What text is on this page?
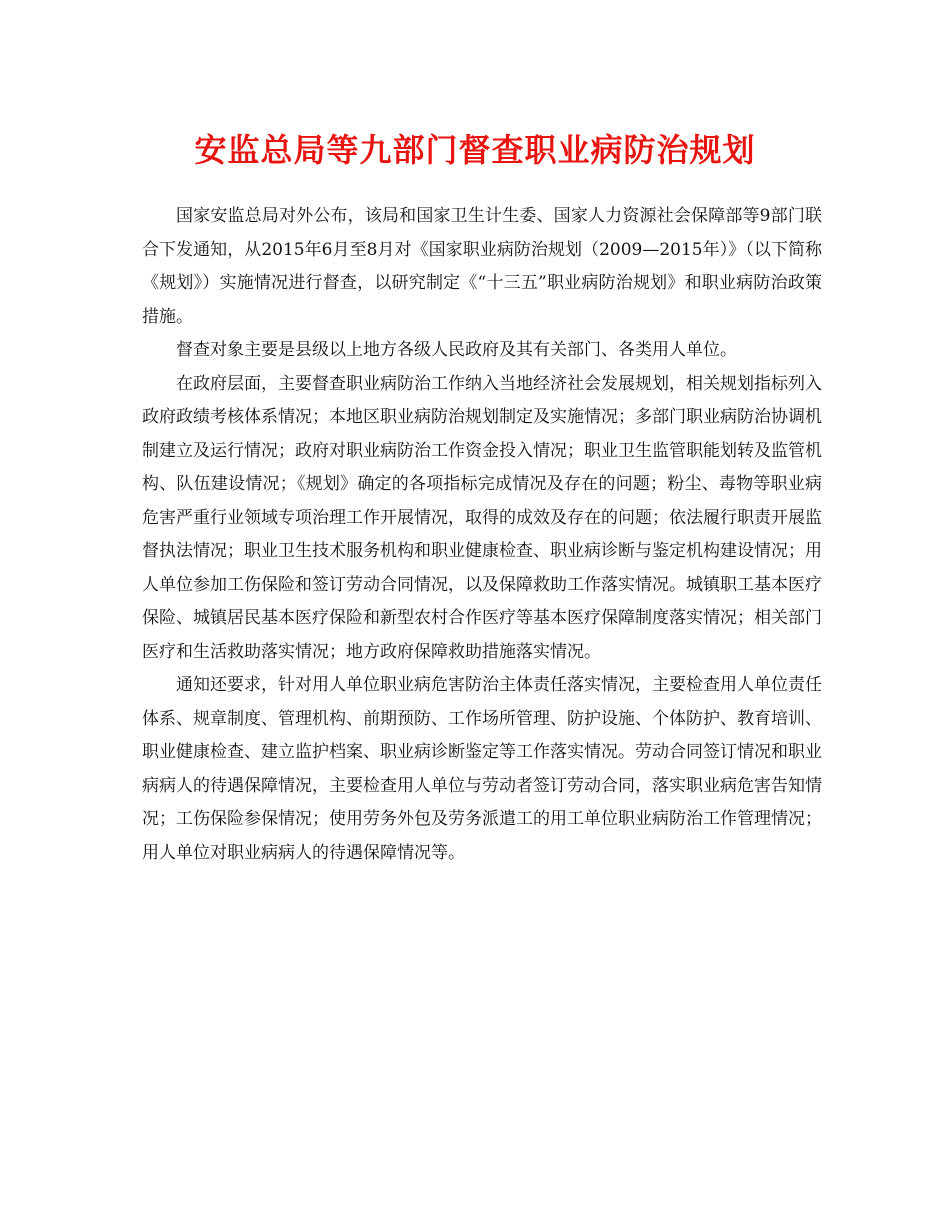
安监总局等九部门督查职业病防治规划

国家安监总局对外公布，该局和国家卫生计生委、国家人力资源社会保障部等9部门联合下发通知，从2015年6月至8月对《国家职业病防治规划（2009—2015年）》（以下简称《规划》）实施情况进行督查，以研究制定《“十三五”职业病防治规划》和职业病防治政策措施。

督查对象主要是县级以上地方各级人民政府及其有关部门、各类用人单位。

在政府层面，主要督查职业病防治工作纳入当地经济社会发展规划，相关规划指标列入政府政绩考核体系情况；本地区职业病防治规划制定及实施情况；多部门职业病防治协调机制建立及运行情况；政府对职业病防治工作资金投入情况；职业卫生监管职能划转及监管机构、队伍建设情况；《规划》确定的各项指标完成情况及存在的问题；粉尘、毒物等职业病危害严重行业领域专项治理工作开展情况，取得的成效及存在的问题；依法履行职责开展监督执法情况；职业卫生技术服务机构和职业健康检查、职业病诊断与鉴定机构建设情况；用人单位参加工伤保险和签订劳动合同情况，以及保障救助工作落实情况。城镇职工基本医疗保险、城镇居民基本医疗保险和新型农村合作医疗等基本医疗保障制度落实情况；相关部门医疗和生活救助落实情况；地方政府保障救助措施落实情况。

通知还要求，针对用人单位职业病危害防治主体责任落实情况，主要检查用人单位责任体系、规章制度、管理机构、前期预防、工作场所管理、防护设施、个体防护、教育培训、职业健康检查、建立监护档案、职业病诊断鉴定等工作落实情况。劳动合同签订情况和职业病病人的待遇保障情况，主要检查用人单位与劳动者签订劳动合同，落实职业病危害告知情况；工伤保险参保情况；使用劳务外包及劳务派遣工的用工单位职业病防治工作管理情况；用人单位对职业病病人的待遇保障情况等。
